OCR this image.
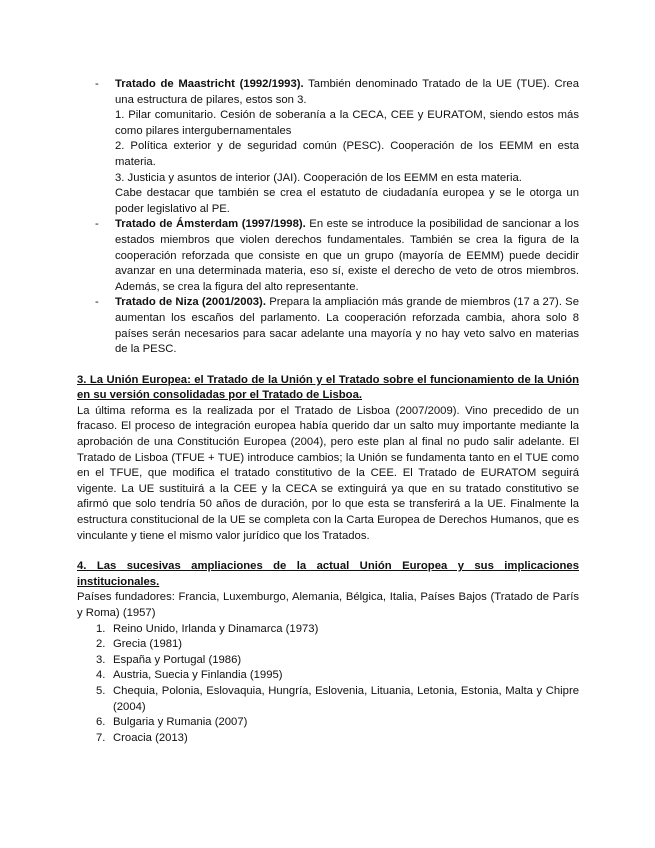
- Tratado de Maastricht (1992/1993). También denominado Tratado de la UE (TUE). Crea una estructura de pilares, estos son 3.

1. Pilar comunitario. Cesión de soberanía a la CECA, CEE y EURATOM, siendo estos más como pilares intergubernamentales

2. Política exterior y de seguridad común (PESC). Cooperación de los EEMM en esta materia.

3. Justicia y asuntos de interior (JAI). Cooperación de los EEMM en esta materia.

Cabe destacar que también se crea el estatuto de ciudadanía europea y se le otorga un poder legislativo al PE.

- Tratado de Ámsterdam (1997/1998). En este se introduce la posibilidad de sancionar a los estados miembros que violen derechos fundamentales. También se crea la figura de la cooperación reforzada que consiste en que un grupo (mayoría de EEMM) puede decidir avanzar en una determinada materia, eso sí, existe el derecho de veto de otros miembros. Además, se crea la figura del alto representante.

- Tratado de Niza (2001/2003). Prepara la ampliación más grande de miembros (17 a 27). Se aumentan los escaños del parlamento. La cooperación reforzada cambia, ahora solo 8 países serán necesarios para sacar adelante una mayoría y no hay veto salvo en materias de la PESC.

3. La Unión Europea: el Tratado de la Unión y el Tratado sobre el funcionamiento de la Unión en su versión consolidadas por el Tratado de Lisboa.

La última reforma es la realizada por el Tratado de Lisboa (2007/2009). Vino precedido de un fracaso. El proceso de integración europea había querido dar un salto muy importante mediante la aprobación de una Constitución Europea (2004), pero este plan al final no pudo salir adelante. El Tratado de Lisboa (TFUE + TUE) introduce cambios; la Unión se fundamenta tanto en el TUE como en el TFUE, que modifica el tratado constitutivo de la CEE. El Tratado de EURATOM seguirá vigente. La UE sustituirá a la CEE y la CECA se extinguirá ya que en su tratado constitutivo se afirmó que solo tendría 50 años de duración, por lo que esta se transferirá a la UE. Finalmente la estructura constitucional de la UE se completa con la Carta Europea de Derechos Humanos, que es vinculante y tiene el mismo valor jurídico que los Tratados.

4. Las sucesivas ampliaciones de la actual Unión Europea y sus implicaciones institucionales.

Países fundadores: Francia, Luxemburgo, Alemania, Bélgica, Italia, Países Bajos (Tratado de París y Roma) (1957)

1. Reino Unido, Irlanda y Dinamarca (1973)
2. Grecia (1981)
3. España y Portugal (1986)
4. Austria, Suecia y Finlandia (1995)
5. Chequia, Polonia, Eslovaquia, Hungría, Eslovenia, Lituania, Letonia, Estonia, Malta y Chipre (2004)
6. Bulgaria y Rumania (2007)
7. Croacia (2013)
